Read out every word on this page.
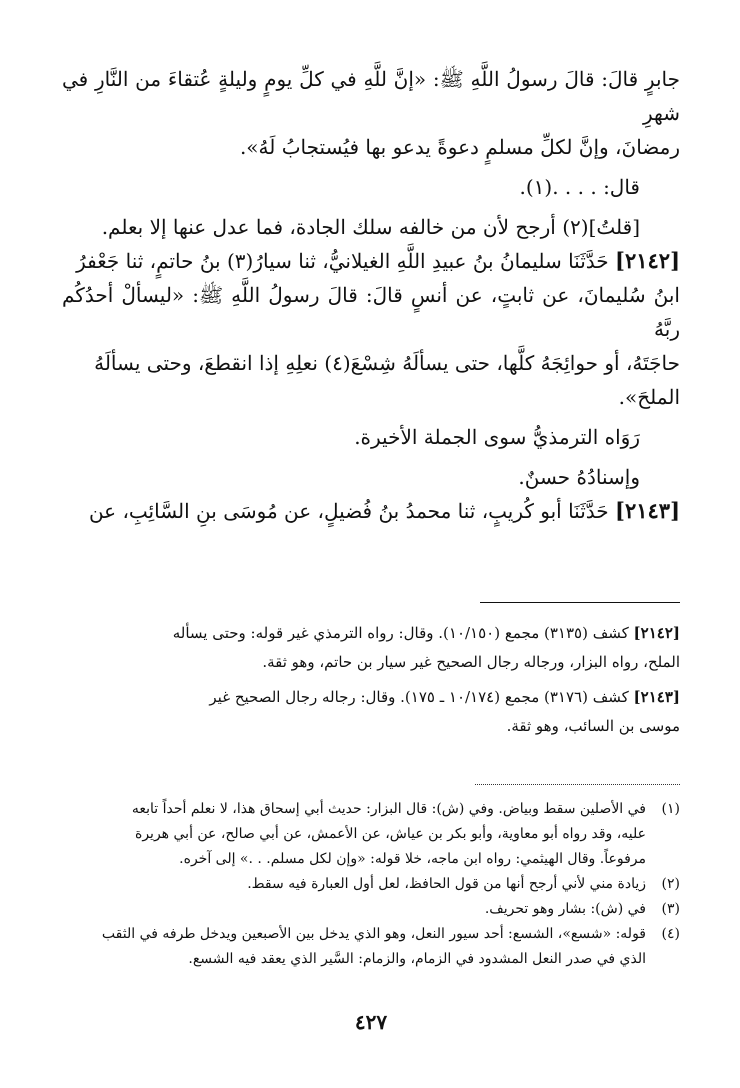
جابرٍ قالَ: قالَ رسولُ اللَّهِ ﷺ: «إنَّ للَّهِ في كلِّ يومٍ وليلةٍ عُتقاءَ من النَّارِ في شهرِ

رمضانَ، وإنَّ لكلِّ مسلمٍ دعوةً يدعو بها فيُستجابُ لَهُ».

قال: . . . .(١).

[قلتُ](٢) أرجح لأن من خالفه سلك الجادة، فما عدل عنها إلا بعلم.

[٢١٤٢] حَدَّثَنَا سليمانُ بنُ عبيدِ اللَّهِ الغيلانيُّ، ثنا سيارُ(٣) بنُ حاتمٍ، ثنا جَعْفرُ

ابنُ سُليمانَ، عن ثابتٍ، عن أنسٍ قالَ: قالَ رسولُ اللَّهِ ﷺ: «ليسألْ أحدُكُم ربَّهُ

حاجَتَهُ، أو حوائِجَهُ كلَّها، حتى يسألَهُ شِسْعَ(٤) نعلِهِ إذا انقطعَ، وحتى يسألَهُ

الملحَ».

رَوَاه الترمذيُّ سوى الجملة الأخيرة.

وإسنادُهُ حسنٌ.

[٢١٤٣] حَدَّثَنَا أبو كُريبٍ، ثنا محمدُ بنُ فُضيلٍ، عن مُوسَى بنِ السَّائِبِ، عن

[٢١٤٢] كشف (٣١٣٥) مجمع (١٠/١٥٠). وقال: رواه الترمذي غير قوله: وحتى يسأله
الملح، رواه البزار، ورجاله رجال الصحيح غير سيار بن حاتم، وهو ثقة.

[٢١٤٣] كشف (٣١٧٦) مجمع (١٠/١٧٤ ـ ١٧٥). وقال: رجاله رجال الصحيح غير
موسى بن السائب، وهو ثقة.

(١)
في الأصلين سقط وبياض. وفي (ش): قال البزار: حديث أبي إسحاق هذا، لا نعلم أحداً تابعه
عليه، وقد رواه أبو معاوية، وأبو بكر بن عياش، عن الأعمش، عن أبي صالح، عن أبي هريرة
مرفوعاً. وقال الهيثمي: رواه ابن ماجه، خلا قوله: «وإن لكل مسلم. . .» إلى آخره.
(٢)
زيادة مني لأني أرجح أنها من قول الحافظ، لعل أول العبارة فيه سقط.
(٣)
في (ش): بشار وهو تحريف.
(٤)
قوله: «شسع»، الشسع: أحد سيور النعل، وهو الذي يدخل بين الأصبعين ويدخل طرفه في الثقب
الذي في صدر النعل المشدود في الزمام، والزمام: السَّير الذي يعقد فيه الشسع.
٤٢٧
